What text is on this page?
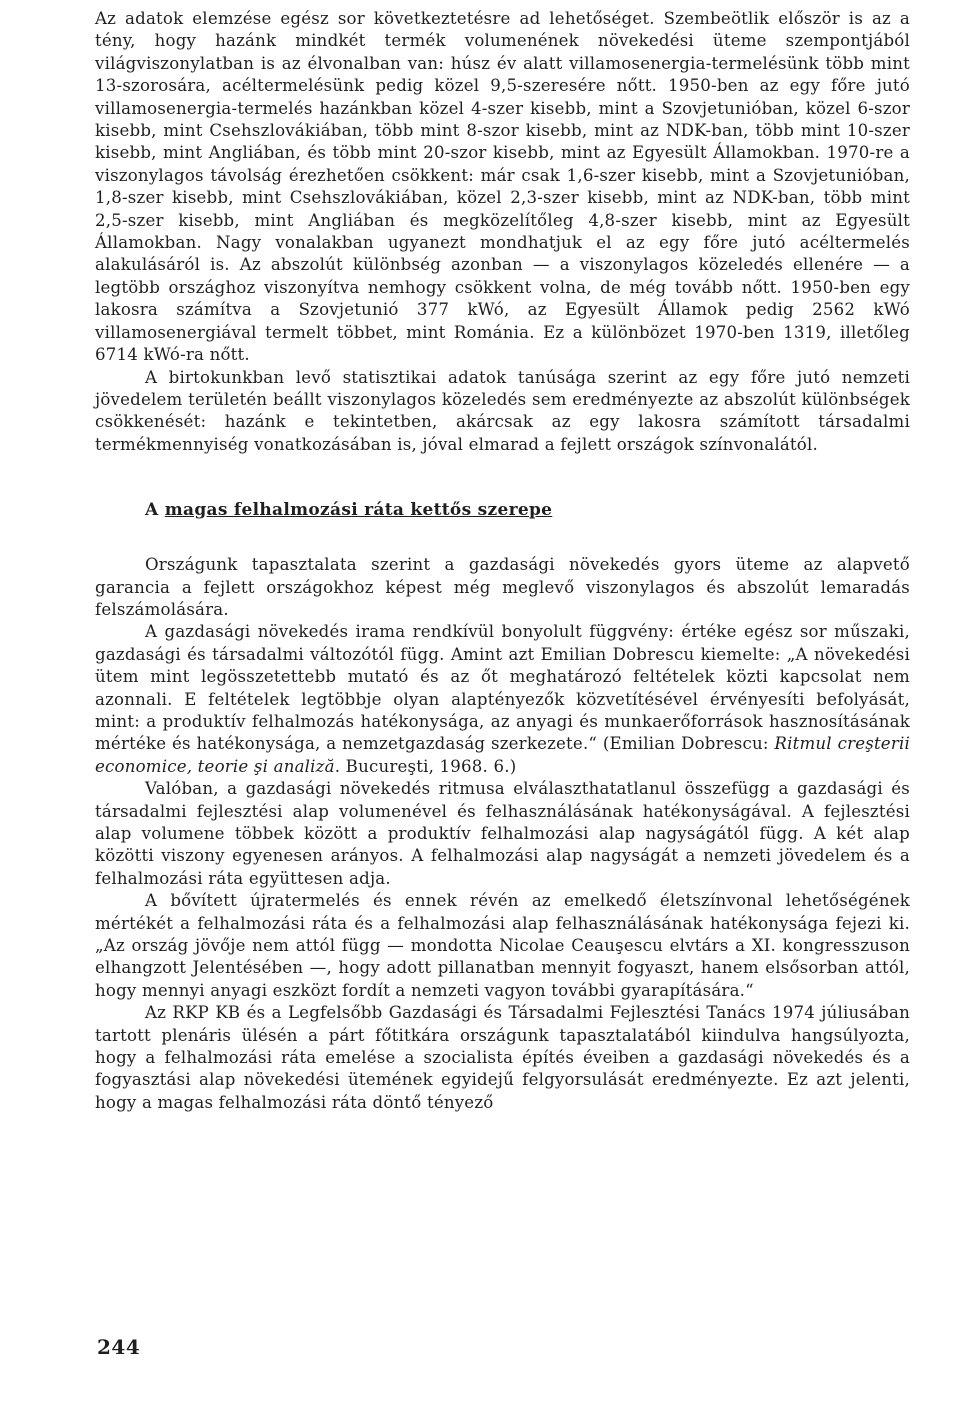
Az adatok elemzése egész sor következtetésre ad lehetőséget. Szembeötlik először is az a tény, hogy hazánk mindkét termék volumenének növekedési üteme szempontjából világviszonylatban is az élvonalban van: húsz év alatt villamosenergia-termelésünk több mint 13-szorosára, acéltermelésünk pedig közel 9,5-szeresére nőtt. 1950-ben az egy főre jutó villamosenergia-termelés hazánkban közel 4-szer kisebb, mint a Szovjetunióban, közel 6-szor kisebb, mint Csehszlovákiában, több mint 8-szor kisebb, mint az NDK-ban, több mint 10-szer kisebb, mint Angliában, és több mint 20-szor kisebb, mint az Egyesült Államokban. 1970-re a viszonylagos távolság érezhetően csökkent: már csak 1,6-szer kisebb, mint a Szovjetunióban, 1,8-szer kisebb, mint Csehszlovákiában, közel 2,3-szer kisebb, mint az NDK-ban, több mint 2,5-szer kisebb, mint Angliában és megközelítőleg 4,8-szer kisebb, mint az Egyesült Államokban. Nagy vonalakban ugyanezt mondhatjuk el az egy főre jutó acéltermelés alakulásáról is. Az abszolút különbség azonban — a viszonylagos közeledés ellenére — a legtöbb országhoz viszonyítva nemhogy csökkent volna, de még tovább nőtt. 1950-ben egy lakosra számítva a Szovjetunió 377 kWó, az Egyesült Államok pedig 2562 kWó villamosenergiával termelt többet, mint Románia. Ez a különbözet 1970-ben 1319, illetőleg 6714 kWó-ra nőtt.

A birtokunkban levő statisztikai adatok tanúsága szerint az egy főre jutó nemzeti jövedelem területén beállt viszonylagos közeledés sem eredményezte az abszolút különbségek csökkenését: hazánk e tekintetben, akárcsak az egy lakosra számított társadalmi termékmennyiség vonatkozásában is, jóval elmarad a fejlett országok színvonalától.

A magas felhalmozási ráta kettős szerepe

Országunk tapasztalata szerint a gazdasági növekedés gyors üteme az alapvető garancia a fejlett országokhoz képest még meglevő viszonylagos és abszolút lemaradás felszámolására.

A gazdasági növekedés irama rendkívül bonyolult függvény: értéke egész sor műszaki, gazdasági és társadalmi változótól függ. Amint azt Emilian Dobrescu kiemelte: „A növekedési ütem mint legösszetettebb mutató és az őt meghatározó feltételek közti kapcsolat nem azonnali. E feltételek legtöbbje olyan alaptényezők közvetítésével érvényesíti befolyását, mint: a produktív felhalmozás hatékonysága, az anyagi és munkaerőforrások hasznosításának mértéke és hatékonysága, a nemzetgazdaság szerkezete.“ (Emilian Dobrescu: Ritmul creşterii economice, teorie şi analiză. Bucureşti, 1968. 6.)

Valóban, a gazdasági növekedés ritmusa elválaszthatatlanul összefügg a gazdasági és társadalmi fejlesztési alap volumenével és felhasználásának hatékonyságával. A fejlesztési alap volumene többek között a produktív felhalmozási alap nagyságától függ. A két alap közötti viszony egyenesen arányos. A felhalmozási alap nagyságát a nemzeti jövedelem és a felhalmozási ráta együttesen adja.

A bővített újratermelés és ennek révén az emelkedő életszínvonal lehetőségének mértékét a felhalmozási ráta és a felhalmozási alap felhasználásának hatékonysága fejezi ki. „Az ország jövője nem attól függ — mondotta Nicolae Ceauşescu elvtárs a XI. kongresszuson elhangzott Jelentésében —, hogy adott pillanatban mennyit fogyaszt, hanem elsősorban attól, hogy mennyi anyagi eszközt fordít a nemzeti vagyon további gyarapítására.“

Az RKP KB és a Legfelsőbb Gazdasági és Társadalmi Fejlesztési Tanács 1974 júliusában tartott plenáris ülésén a párt főtitkára országunk tapasztalatából kiindulva hangsúlyozta, hogy a felhalmozási ráta emelése a szocialista építés éveiben a gazdasági növekedés és a fogyasztási alap növekedési ütemének egyidejű felgyorsulását eredményezte. Ez azt jelenti, hogy a magas felhalmozási ráta döntő tényező

244
